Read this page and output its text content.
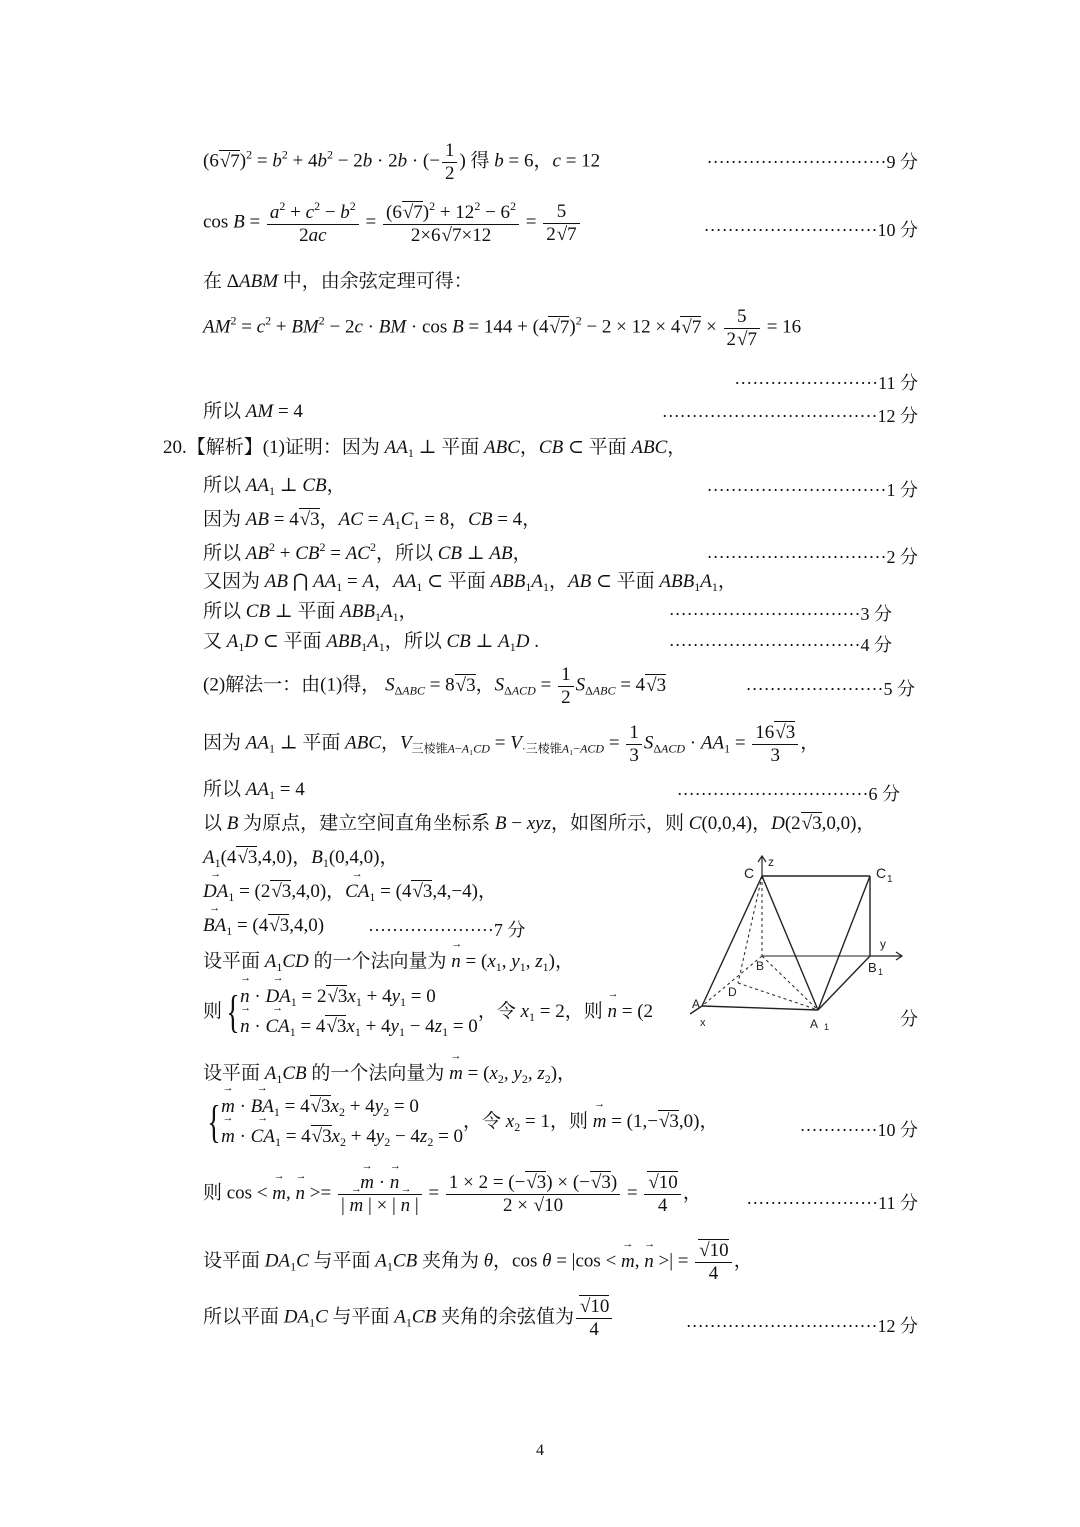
$(6√7)^2 = b^2 + 4b^2 - 2b \cdot 2b$ · (− $\frac{1}{2}$ ) 得 b = 6，c = 12	······························9 分
$\cos B = \frac{a^2 + c^2 - b^2}{2ac} = \frac{(6√7)^2 + 12^2 - 6^2}{2\times 6√7\times 12} = \frac{5}{2√7}$	·····························10 分
在 ΔABM 中，由余弦定理可得：
$AM^2 = c^2 + BM^2 - 2c$ · BM · $\cos B = 144 + (4√7)^2 - 2 \times 12 \times 4√7 \times \frac{5}{2√7} = 16$
························11 分
所以 AM = 4	····································12 分
20.【解析】(1)证明：因为 $AA_1$ ⊥ 平面 ABC，CB ⊂ 平面 ABC，
所以 $AA_1$ ⊥ CB，	······························1 分
因为 AB = 4√3，AC = $A_1C_1 = 8$，CB = 4，
所以 $AB^2 + CB^2 = AC^2$，所以 CB ⊥ AB，	······························2 分
又因为 AB ⋂ $AA_1 = A$，$AA_1$ ⊂ 平面 $ABB_1A_1$，AB ⊂ 平面 $ABB_1A_1$，
所以 CB ⊥ 平面 $ABB_1A_1$，	································3 分
又 $A_1D$ ⊂ 平面 $ABB_1A_1$，所以 CB ⊥ $A_1D$ .	································4 分
(2)解法一：由(1)得， $S_{\Delta ABC} = 8√3$，$S_{\Delta ACD} = \frac{1}{2} S_{\Delta ABC} = 4√3$	·······················5 分
因为 $AA_1$ ⊥ 平面 ABC，$V_{三棱锥A-A_1CD} = V_{\cdot 三棱锥A_1-ACD} = \frac{1}{3} S_{\Delta ACD} \cdot AA_1 = \frac{16√3}{3}$ ，
所以 $AA_1 = 4$	································6 分
以 B 为原点，建立空间直角坐标系 B − xyz，如图所示，则 C(0,0,4)，D(2√3,0,0)，
$A_1(4√3,4,0)$，$B_1(0,4,0)$，
→ $DA_1 = (2√3,4,0)$，→ $CA_1 = (4√3,4,-4)$，
→ $BA_1 = (4√3,4,0) \cdot\cdot\cdot\cdot\cdot\cdot\cdot\cdot\cdot\cdot\cdot\cdot\cdot\cdot\cdot\cdot\cdot\cdot\cdot\cdot\cdot 7$ 分
设平面 $A_1CD$ 的一个法向量为 → $n = (x_1$, $y_1$, $z_1$)，
则{ → n · → $DA_1 = 2√3x_1 + 4y_1 = 0$
→ n · → $CA_1 = 4√3x_1 + 4y_1 - 4z_1 = 0$
，令 $x_1 = 2$，则 → n = (2	分
设平面 $A_1CB$ 的一个法向量为 → $m = (x_2$, $y_2$, $z_2$)，
{ → m · → $BA_1 = 4√3x_2 + 4y_2 = 0$
→ m · → $CA_1 = 4√3x_2 + 4y_2 - 4z_2 = 0$
，令 $x_2 = 1$，则 → m = (1,−√3,0)，	·············10 分
则 cos < → m, → n >= → $\frac{m \cdot \to n}{| \to m | \times | \to n |} = \frac{1 \times 2 = (-√3) \times (-√3)}{2 \times √10} = \frac{√10}{4}$ ， ······················11 分
设平面 $DA_1C$ 与平面 $A_1CB$ 夹角为 θ，cos θ = |cos < → m, → n >| = $\frac{√10}{4}$ ，
所以平面 $DA_1C$ 与平面 $A_1CB$ 夹角的余弦值为 $\frac{√10}{4}$	································12 分
C
z
C 1
y
B	B 1
D
A
x	A 1
4
